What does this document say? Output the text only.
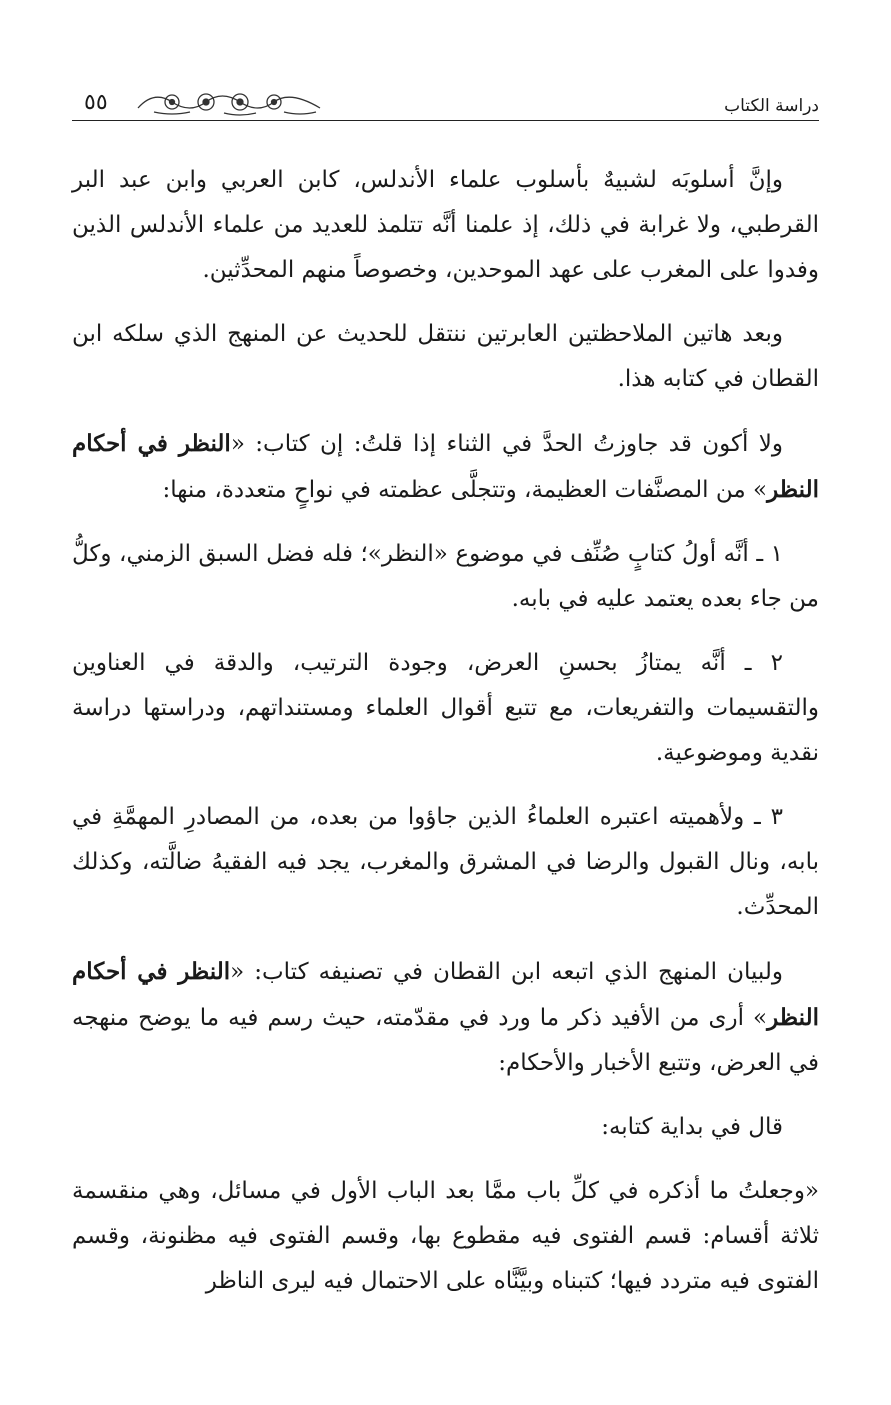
دراسة الكتاب
٥٥

وإنَّ أسلوبَه لشبيهٌ بأسلوب علماء الأندلس، كابن العربي وابن عبد البر القرطبي، ولا غرابة في ذلك، إذ علمنا أنَّه تتلمذ للعديد من علماء الأندلس الذين وفدوا على المغرب على عهد الموحدين، وخصوصاً منهم المحدِّثين.

وبعد هاتين الملاحظتين العابرتين ننتقل للحديث عن المنهج الذي سلكه ابن القطان في كتابه هذا.

ولا أكون قد جاوزتُ الحدَّ في الثناء إذا قلتُ: إن كتاب: «النظر في أحكام النظر» من المصنَّفات العظيمة، وتتجلَّى عظمته في نواحٍ متعددة، منها:

١ ـ أنَّه أولُ كتابٍ صُنِّف في موضوع «النظر»؛ فله فضل السبق الزمني، وكلُّ من جاء بعده يعتمد عليه في بابه.

٢ ـ أنَّه يمتازُ بحسنِ العرض، وجودة الترتيب، والدقة في العناوين والتقسيمات والتفريعات، مع تتبع أقوال العلماء ومستنداتهم، ودراستها دراسة نقدية وموضوعية.

٣ ـ ولأهميته اعتبره العلماءُ الذين جاؤوا من بعده، من المصادرِ المهمَّةِ في بابه، ونال القبول والرضا في المشرق والمغرب، يجد فيه الفقيهُ ضالَّته، وكذلك المحدِّث.

ولبيان المنهج الذي اتبعه ابن القطان في تصنيفه كتاب: «النظر في أحكام النظر» أرى من الأفيد ذكر ما ورد في مقدّمته، حيث رسم فيه ما يوضح منهجه في العرض، وتتبع الأخبار والأحكام:

قال في بداية كتابه:

«وجعلتُ ما أذكره في كلِّ باب ممَّا بعد الباب الأول في مسائل، وهي منقسمة ثلاثة أقسام: قسم الفتوى فيه مقطوع بها، وقسم الفتوى فيه مظنونة، وقسم الفتوى فيه متردد فيها؛ كتبناه وبيَّنَّاه على الاحتمال فيه ليرى الناظر
